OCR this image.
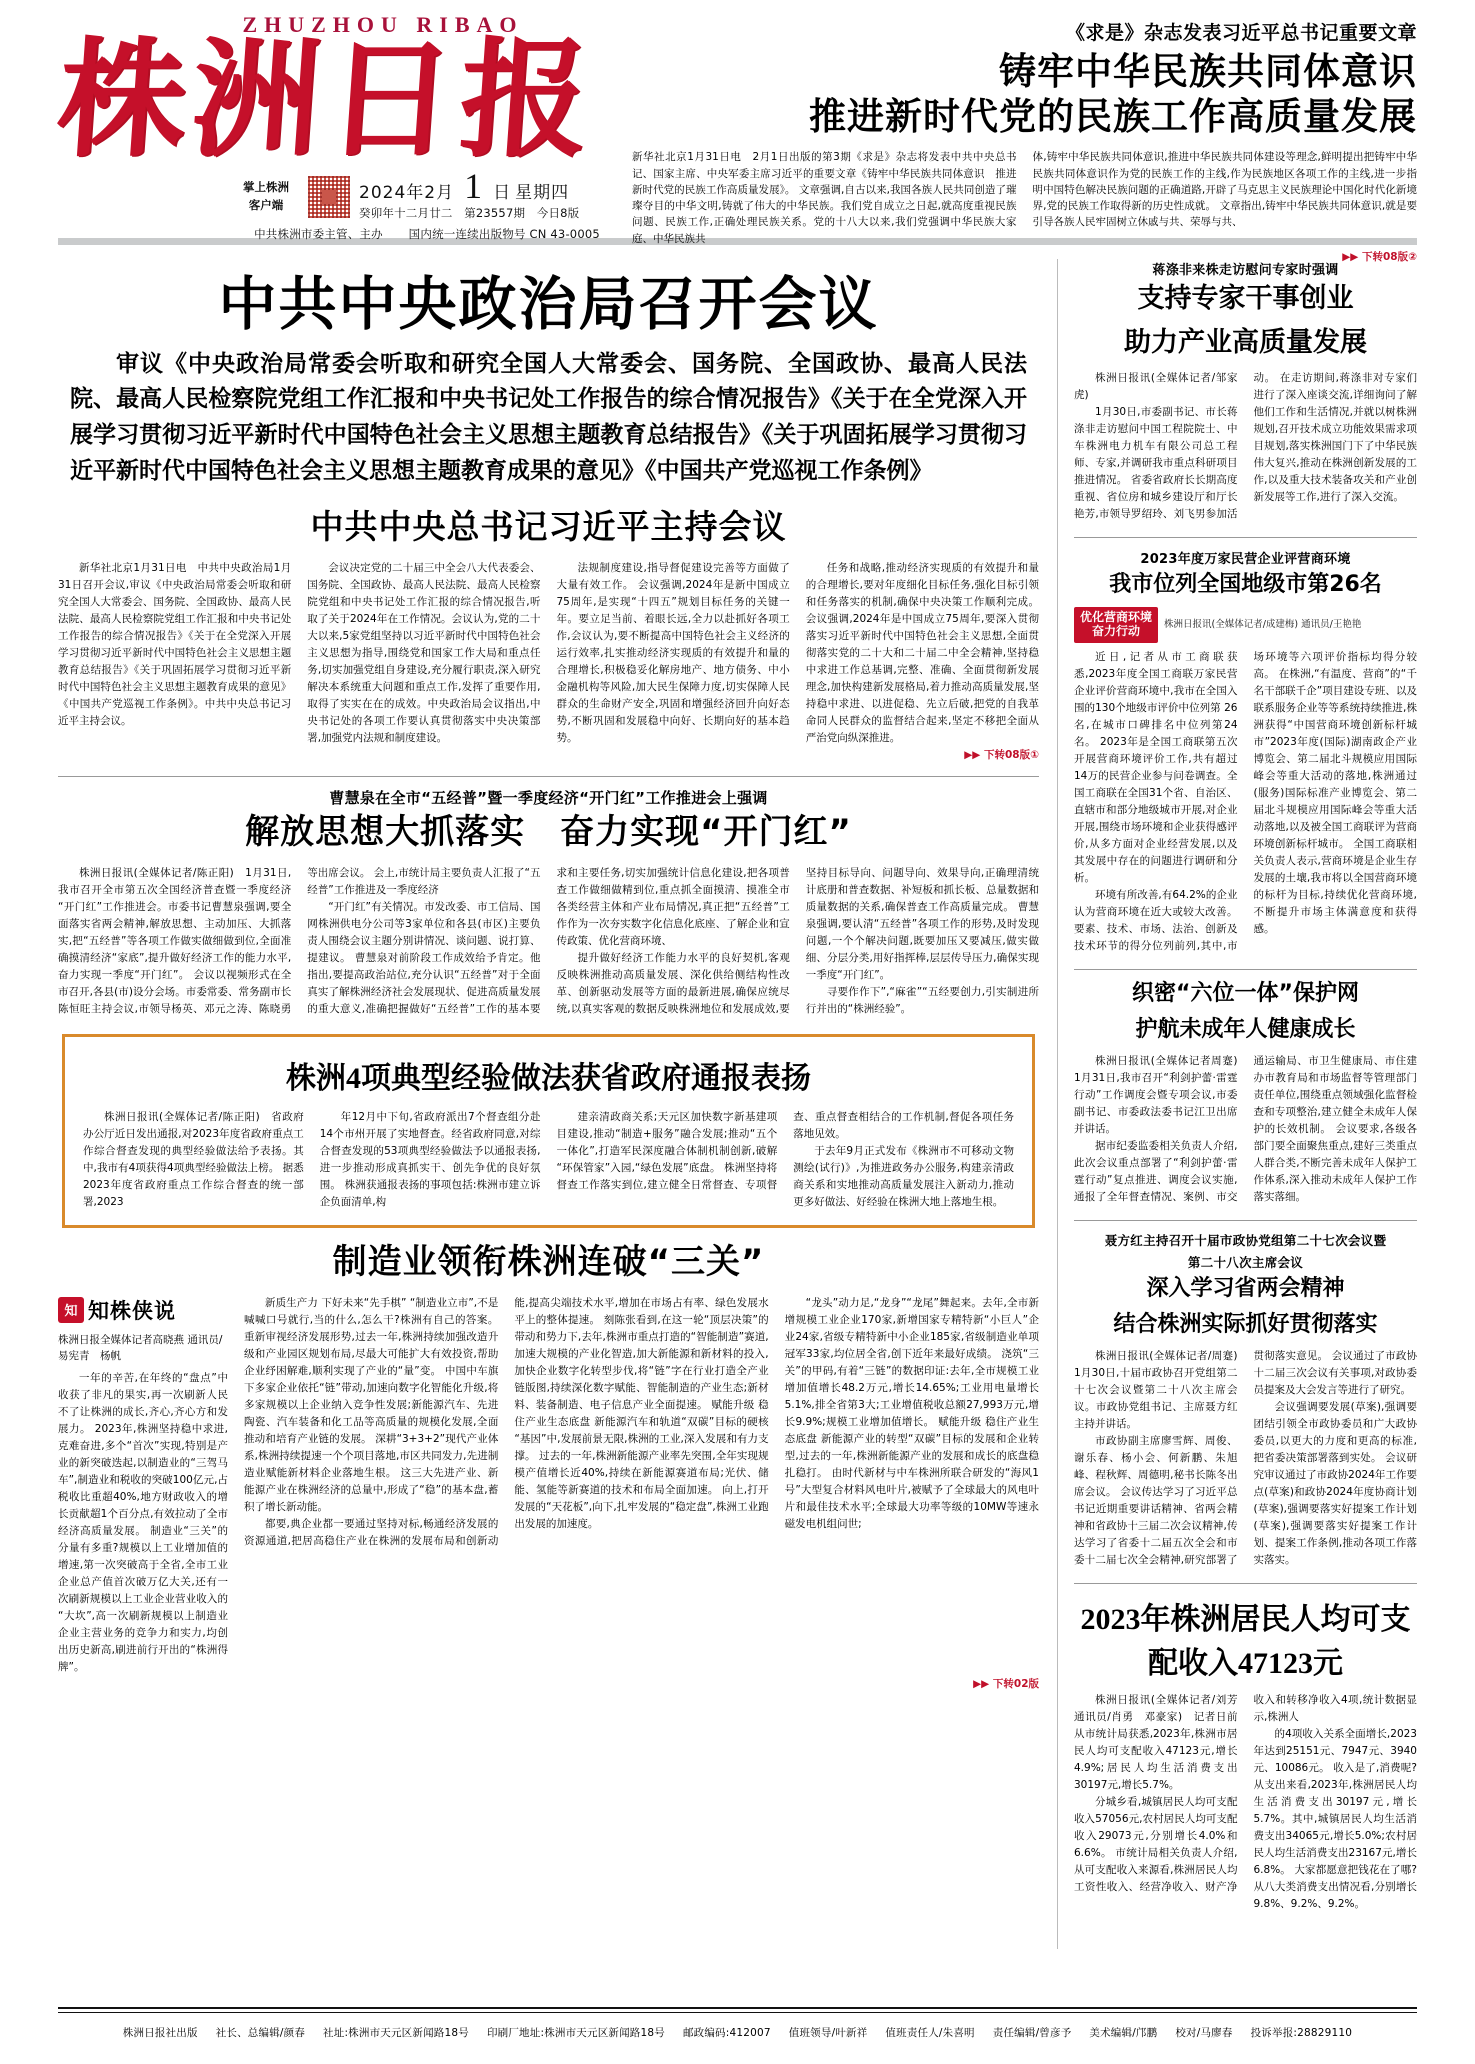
ZHUZHOU RIBAO
株洲日报
掌上株洲
客户端
2024年2月 1 日 星期四
癸卯年十二月廿二 第23557期 今日8版
中共株洲市委主管、主办 国内统一连续出版物号 CN 43-0005
《求是》杂志发表习近平总书记重要文章
铸牢中华民族共同体意识
推进新时代党的民族工作高质量发展
新华社北京1月31日电　2月1日出版的第3期《求是》杂志将发表中共中央总书记、国家主席、中央军委主席习近平的重要文章《铸牢中华民族共同体意识　推进新时代党的民族工作高质量发展》。 文章强调,自古以来,我国各族人民共同创造了璀璨夺目的中华文明,铸就了伟大的中华民族。我们党自成立之日起,就高度重视民族问题、民族工作,正确处理民族关系。党的十八大以来,我们党强调中华民族大家庭、中华民族共
体,铸牢中华民族共同体意识,推进中华民族共同体建设等理念,鲜明提出把铸牢中华民族共同体意识作为党的民族工作的主线,作为民族地区各项工作的主线,进一步指明中国特色解决民族问题的正确道路,开辟了马克思主义民族理论中国化时代化新境界,党的民族工作取得新的历史性成就。 文章指出,铸牢中华民族共同体意识,就是要引导各族人民牢固树立休戚与共、荣辱与共、
▶▶ 下转08版②
中共中央政治局召开会议
审议《中央政治局常委会听取和研究全国人大常委会、国务院、全国政协、最高人民法院、最高人民检察院党组工作汇报和中央书记处工作报告的综合情况报告》《关于在全党深入开展学习贯彻习近平新时代中国特色社会主义思想主题教育总结报告》《关于巩固拓展学习贯彻习近平新时代中国特色社会主义思想主题教育成果的意见》《中国共产党巡视工作条例》
中共中央总书记习近平主持会议

新华社北京1月31日电　中共中央政治局1月31日召开会议,审议《中央政治局常委会听取和研究全国人大常委会、国务院、全国政协、最高人民法院、最高人民检察院党组工作汇报和中央书记处工作报告的综合情况报告》《关于在全党深入开展学习贯彻习近平新时代中国特色社会主义思想主题教育总结报告》《关于巩固拓展学习贯彻习近平新时代中国特色社会主义思想主题教育成果的意见》《中国共产党巡视工作条例》。中共中央总书记习近平主持会议。

会议决定党的二十届三中全会八大代表委会、国务院、全国政协、最高人民法院、最高人民检察院党组和中央书记处工作汇报的综合情况报告,听取了关于2024年在工作情况。会议认为,党的二十大以来,5家党组坚持以习近平新时代中国特色社会主义思想为指导,围绕党和国家工作大局和重点任务,切实加强党组自身建设,充分履行职责,深入研究解决本系统重大问题和重点工作,发挥了重要作用,取得了实实在在的成效。中央政治局会议指出,中央书记处的各项工作要认真贯彻落实中央决策部署,加强党内法规和制度建设。

法规制度建设,指导督促建设完善等方面做了大量有效工作。 会议强调,2024年是新中国成立75周年,是实现“十四五”规划目标任务的关键一年。要立足当前、着眼长远,全力以赴抓好各项工作,会议认为,要不断提高中国特色社会主义经济的运行效率,扎实推动经济实现质的有效提升和量的合理增长,积极稳妥化解房地产、地方债务、中小金融机构等风险,加大民生保障力度,切实保障人民群众的生命财产安全,巩固和增强经济回升向好态势,不断巩固和发展稳中向好、长期向好的基本趋势。

任务和战略,推动经济实现质的有效提升和量的合理增长,要对年度细化目标任务,强化目标引领和任务落实的机制,确保中央决策工作顺利完成。 会议强调,2024年是中国成立75周年,要深入贯彻落实习近平新时代中国特色社会主义思想,全面贯彻落实党的二十大和二十届二中全会精神,坚持稳中求进工作总基调,完整、准确、全面贯彻新发展理念,加快构建新发展格局,着力推动高质量发展,坚持稳中求进、以进促稳、先立后破,把党的自我革命同人民群众的监督结合起来,坚定不移把全面从严治党向纵深推进。

▶▶ 下转08版①
曹慧泉在全市“五经普”暨一季度经济“开门红”工作推进会上强调
解放思想大抓落实　奋力实现“开门红”

株洲日报讯(全媒体记者/陈正阳)　1月31日,我市召开全市第五次全国经济普查暨一季度经济“开门红”工作推进会。市委书记曹慧泉强调,要全面落实省两会精神,解放思想、主动加压、大抓落实,把“五经普”等各项工作做实做细做到位,全面准确摸清经济“家底”,提升做好经济工作的能力水平,奋力实现一季度“开门红”。 会议以视频形式在全市召开,各县(市)设分会场。市委常委、常务副市长陈恒旺主持会议,市领导杨英、邓元之涛、陈晓勇等出席会议。 会上,市统计局主要负责人汇报了“五经普”工作推进及一季度经济

“开门红”有关情况。市发改委、市工信局、国网株洲供电分公司等3家单位和各县(市区)主要负责人围绕会议主题分别讲情况、谈问题、说打算、提建议。 曹慧泉对前阶段工作成效给予肯定。他指出,要提高政治站位,充分认识“五经普”对于全面真实了解株洲经济社会发展现状、促进高质量发展的重大意义,准确把握做好“五经普”工作的基本要求和主要任务,切实加强统计信息化建设,把各项普查工作做细做精到位,重点抓全面摸清、摸准全市各类经营主体和产业布局情况,真正把“五经普”工作作为一次夯实数字化信息化底座、了解企业和宣传政策、优化营商环境、

提升做好经济工作能力水平的良好契机,客观反映株洲推动高质量发展、深化供给侧结构性改革、创新驱动发展等方面的最新进展,确保应统尽统,以真实客观的数据反映株洲地位和发展成效,要坚持目标导向、问题导向、效果导向,正确理清统计底册和普查数据、补短板和抓长板、总量数据和质量数据的关系,确保普查工作高质量完成。 曹慧泉强调,要认清“五经普”各项工作的形势,及时发现问题,一个个解决问题,既要加压又要减压,做实做细、分层分类,用好指挥棒,层层传导压力,确保实现一季度“开门红”。

寻要作作下”,“麻雀”“五经要创力,引实制进所行并出的“株洲经验”。

株洲4项典型经验做法获省政府通报表扬

株洲日报讯(全媒体记者/陈正阳)　省政府办公厅近日发出通报,对2023年度省政府重点工作综合督查发现的典型经验做法给予表扬。其中,我市有4项获得4项典型经验做法上榜。 据悉2023年度省政府重点工作综合督查的统一部署,2023

年12月中下旬,省政府派出7个督查组分赴14个市州开展了实地督查。经省政府同意,对综合督查发现的53项典型经验做法予以通报表扬,进一步推动形成真抓实干、创先争优的良好氛围。 株洲获通报表扬的事项包括:株洲市建立诉企负面清单,构

建亲清政商关系;天元区加快数字新基建项目建设,推动“制造+服务”融合发展;推动“五个一体化”,打造军民深度融合体制机制创新,破解“环保管家”入园,“绿色发展”底盘。 株洲坚持将督查工作落实到位,建立健全日常督查、专项督查、重点督查相结合的工作机制,督促各项任务落地见效。

于去年9月正式发布《株洲市不可移动文物测绘(试行)》,为推进政务办公服务,构建亲清政商关系和实地推动高质量发展注入新动力,推动更多好做法、好经验在株洲大地上落地生根。

制造业领衔株洲连破“三关”
知 知株侠说
株洲日报全媒体记者高晓燕 通讯员/易宪青　杨帆
一年的辛苦,在年终的“盘点”中收获了非凡的果实,再一次刷新人民不了让株洲的成长,齐心,齐心方和发展力。 2023年,株洲坚持稳中求进,克难奋进,多个“首次”实现,特别是产业的新突破迭起,以制造业的“三驾马车”,制造业和税收的突破100亿元,占税收比重超40%,地方财政收入的增长贡献超1个百分点,有效拉动了全市经济高质量发展。 制造业“三关”的分量有多重?规模以上工业增加值的增速,第一次突破高于全省,全市工业企业总产值首次破万亿大关,还有一次刷新规模以上工业企业营业收入的“大坎”,高一次刷新规模以上制造业企业主营业务的竞争力和实力,均创出历史新高,刷进前行开出的“株洲得牌”。

新质生产力 下好未来“先手棋” “制造业立市”,不是喊喊口号就行,当的什么,怎么干?株洲有自己的答案。 重新审视经济发展形势,过去一年,株洲持续加强改造升级和产业园区规划布局,尽最大可能扩大有效投资,帮助企业纾困解难,顺利实现了产业的“量”变。 中国中车旗下多家企业依托“链”带动,加速向数字化智能化升级,将多家规模以上企业纳入竞争性发展;新能源汽车、先进陶瓷、汽车装备和化工品等高质量的规模化发展,全面推动和培育产业链的发展。 深耕“3+3+2”现代产业体系,株洲持续提速一个个项目落地,市区共同发力,先进制造业赋能新材料企业落地生根。 这三大先进产业、新能源产业在株洲经济的总量中,形成了“稳”的基本盘,蓄积了增长新动能。

都要,典企业都一要通过坚持对标,畅通经济发展的资源通道,把居高稳住产业在株洲的发展布局和创新动能,提高尖端技术水平,增加在市场占有率、绿色发展水平上的整体提速。 刻陈张看到,在这一轮“顶层决策”的带动和势力下,去年,株洲市重点打造的“智能制造”赛道,加速大规模的产业化智造,加大新能源和新材料的投入,加快企业数字化转型步伐,将“链”字在行业打造全产业链版图,持续深化数字赋能、智能制造的产业生态;新材料、装备制造、电子信息产业全面提速。 赋能升级 稳住产业生态底盘 新能源汽车和轨道“双碳”目标的硬核“基因”中,发展前景无限,株洲的工业,深入发展和有力支撑。 过去的一年,株洲新能源产业率先突围,全年实现规模产值增长近40%,持续在新能源赛道布局;光伏、储能、氢能等新赛道的技术和布局全面加速。 向上,打开发展的“天花板”,向下,扎牢发展的“稳定盘”,株洲工业跑出发展的加速度。

“龙头”动力足,“龙身”“龙尾”舞起来。去年,全市新增规模工业企业170家,新增国家专精特新“小巨人”企业24家,省级专精特新中小企业185家,省级制造业单项冠军33家,均位居全省,创下近年来最好成绩。 浇筑“三关”的甲码,有着“三链”的数据印证:去年,全市规模工业增加值增长48.2万元,增长14.65%;工业用电量增长5.1%,排全省第3大;工业增值税收总额27,993万元,增长9.9%;规模工业增加值增长。 赋能升级 稳住产业生态底盘 新能源产业的转型“双碳”目标的发展和企业转型,过去的一年,株洲新能源产业的发展和成长的底盘稳扎稳打。 由时代新材与中车株洲所联合研发的“海风1号”大型复合材料风电叶片,被赋予了全球最大的风电叶片和最佳技术水平;全球最大功率等级的10MW等速永磁发电机组问世;

▶▶ 下转02版
蒋涤非来株走访慰问专家时强调
支持专家干事创业
助力产业高质量发展

株洲日报讯(全媒体记者/邹家虎)

1月30日,市委副书记、市长蒋涤非走访慰问中国工程院院士、中车株洲电力机车有限公司总工程师、专家,并调研我市重点科研项目推进情况。 省委省政府长长期高度重视、省位房和城乡建设厅和厅长艳芳,市领导罗绍玲、刘飞男参加活动。 在走访期间,蒋涤非对专家们进行了深入座谈交流,详细询问了解他们工作和生活情况,并就以树株洲规划,召开技术成立功能效果需求项目规划,落实株洲国门下了中华民族伟大复兴,推动在株洲创新发展的工作,以及重大技术装备攻关和产业创新发展等工作,进行了深入交流。

2023年度万家民营企业评营商环境
我市位列全国地级市第26名
优化营商环境
奋力行动	株洲日报讯(全媒体记者/成建梅) 通讯员/王艳艳

近日,记者从市工商联获悉,2023年度全国工商联万家民营企业评价营商环境中,我市在全国入围的130个地级市评价中位列第 26名,在城市口碑排名中位列第24名。 2023年是全国工商联第五次开展营商环境评价工作,共有超过14万的民营企业参与问卷调查。全国工商联在全国31个省、自治区、直辖市和部分地级城市开展,对企业开展,围绕市场环境和企业获得感评价,从多方面对企业经营发展,以及其发展中存在的问题进行调研和分析。

环境有所改善,有64.2%的企业认为营商环境在近大或较大改善。要素、技术、市场、法治、创新及技术环节的得分位列前列,其中,市场环境等六项评价指标均得分较高。 在株洲,“有温度、营商”的“千名干部联千企”项目建设专班、以及联系服务企业等等系统持续推进,株洲获得“中国营商环境创新标杆城市”2023年度(国际)湖南政企产业博览会、第二届北斗规模应用国际峰会等重大活动的落地,株洲通过(服务)国际标准产业博览会、第二届北斗规模应用国际峰会等重大活动落地,以及被全国工商联评为营商环境创新标杆城市。 全国工商联相关负责人表示,营商环境是企业生存发展的土壤,我市将以全国营商环境的标杆为目标,持续优化营商环境,不断提升市场主体满意度和获得感。

织密“六位一体”保护网
护航未成年人健康成长

株洲日报讯(全媒体记者周蹇)　1月31日,我市召开“利剑护蕾·雷霆行动”工作调度会暨专项会议,市委副书记、市委政法委书记江卫出席并讲话。

据市纪委监委相关负责人介绍,此次会议重点部署了“利剑护蕾·雷霆行动”复点推进、调度会议实施,通报了全年督查情况、案例、市交通运输局、市卫生健康局、市住建办市教育局和市场监督等管理部门责任单位,围绕重点领域强化监督检查和专项整治,建立健全未成年人保护的长效机制。 会议要求,各级各部门要全面聚焦重点,建好三类重点人群合类,不断完善未成年人保护工作体系,深入推动未成年人保护工作落实落细。

聂方红主持召开十届市政协党组第二十七次会议暨
第二十八次主席会议
深入学习省两会精神
结合株洲实际抓好贯彻落实

株洲日报讯(全媒体记者/周蹇)　1月30日,十届市政协召开党组第二十七次会议暨第二十八次主席会议。市政协党组书记、主席聂方红主持并讲话。

市政协副主席廖雪辉、周俊、谢乐春、杨小会、何新鹏、朱旭峰、程秋辉、周德明,秘书长陈冬出席会议。 会议传达学习了习近平总书记近期重要讲话精神、省两会精神和省政协十三届二次会议精神,传达学习了省委十二届五次全会和市委十二届七次全会精神,研究部署了贯彻落实意见。 会议通过了市政协十二届三次会议有关事项,对政协委员提案及大会发言等进行了研究。

会议强调要发展(草案),强调要团结引领全市政协委员和广大政协委员,以更大的力度和更高的标准,把省委决策部署落到实处。 会议研究审议通过了市政协2024年工作要点(草案)和政协2024年度协商计划(草案),强调要落实好提案工作计划(草案),强调要落实好提案工作计划、提案工作条例,推动各项工作落实落实。

2023年株洲居民人均可支配收入47123元

株洲日报讯(全媒体记者/刘芳　通讯员/肖勇　邓豪家)　记者日前从市统计局获悉,2023年,株洲市居民人均可支配收入47123元,增长4.9%;居民人均生活消费支出30197元,增长5.7%。

分城乡看,城镇居民人均可支配收入57056元,农村居民人均可支配收入29073元,分别增长4.0%和6.6%。 市统计局相关负责人介绍,从可支配收入来源看,株洲居民人均工资性收入、经营净收入、财产净收入和转移净收入4项,统计数据显示,株洲人

的4项收入关系全面增长,2023年达到25151元、7947元、3940元、10086元。 收入是了,消费呢? 从支出来看,2023年,株洲居民人均生活消费支出30197元,增长5.7%。其中,城镇居民人均生活消费支出34065元,增长5.0%;农村居民人均生活消费支出23167元,增长6.8%。 大家都愿意把钱花在了哪? 从八大类消费支出情况看,分别增长9.8%、9.2%、9.2%。

株洲日报社出版 社长、总编辑/颜春 社址:株洲市天元区新闻路18号 印刷厂地址:株洲市天元区新闻路18号 邮政编码:412007 值班领导/叶新祥 值班责任人/朱喜明 责任编辑/曾彦予 美术编辑/邝鹏 校对/马廖春 投诉举报:28829110
